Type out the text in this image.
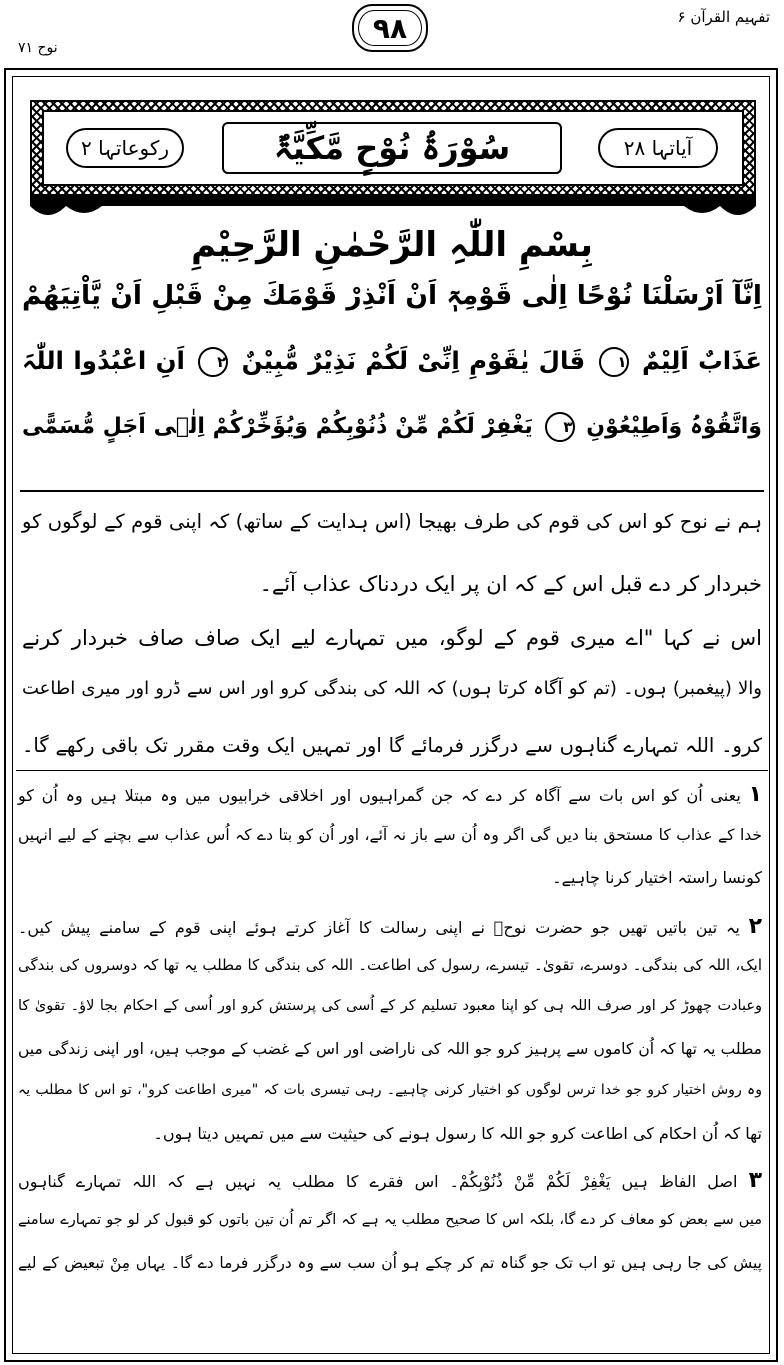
۹۸	تفہیم القرآن ۶
نوح ۷۱
آیاتہا ۲۸
سُوْرَۃُ نُوْحٍ مَّکِّیَّۃٌ
رکوعاتہا ۲
بِسْمِ اللّٰہِ الرَّحْمٰنِ الرَّحِیْمِ
اِنَّآ اَرْسَلْنَا نُوْحًا اِلٰی قَوْمِہٖٓ اَنْ اَنْذِرْ قَوْمَكَ مِنْ قَبْلِ اَنْ یَّاْتِیَهُمْ
عَذَابٌ اَلِیْمٌ ۱ قَالَ یٰقَوْمِ اِنِّیْ لَكُمْ نَذِیْرٌ مُّبِیْنٌ ۲ اَنِ اعْبُدُوا اللّٰہَ
وَاتَّقُوْہُ وَاَطِیْعُوْنِ ۳ یَغْفِرْ لَكُمْ مِّنْ ذُنُوْبِكُمْ وَیُؤَخِّرْكُمْ اِلٰۤی اَجَلٍ مُّسَمًّی
ہم نے نوح کو اس کی قوم کی طرف بھیجا (اس ہدایت کے ساتھ) کہ اپنی قوم کے لوگوں کو
خبردار کر دے قبل اس کے کہ ان پر ایک دردناک عذاب آئے۔
اس نے کہا "اے میری قوم کے لوگو، میں تمہارے لیے ایک صاف صاف خبردار کرنے
والا (پیغمبر) ہوں۔ (تم کو آگاہ کرتا ہوں) کہ اللہ کی بندگی کرو اور اس سے ڈرو اور میری اطاعت
کرو۔ اللہ تمہارے گناہوں سے درگزر فرمائے گا اور تمہیں ایک وقت مقرر تک باقی رکھے گا۔
۱ یعنی اُن کو اس بات سے آگاہ کر دے کہ جن گمراہیوں اور اخلاقی خرابیوں میں وہ مبتلا ہیں وہ اُن کو
خدا کے عذاب کا مستحق بنا دیں گی اگر وہ اُن سے باز نہ آئے، اور اُن کو بتا دے کہ اُس عذاب سے بچنے کے لیے انہیں
کونسا راستہ اختیار کرنا چاہیے۔
۲ یہ تین باتیں تھیں جو حضرت نوحؑ نے اپنی رسالت کا آغاز کرتے ہوئے اپنی قوم کے سامنے پیش کیں۔
ایک، اللہ کی بندگی۔ دوسرے، تقویٰ۔ تیسرے، رسول کی اطاعت۔ اللہ کی بندگی کا مطلب یہ تھا کہ دوسروں کی بندگی
وعبادت چھوڑ کر اور صرف اللہ ہی کو اپنا معبود تسلیم کر کے اُسی کی پرستش کرو اور اُسی کے احکام بجا لاؤ۔ تقویٰ کا
مطلب یہ تھا کہ اُن کاموں سے پرہیز کرو جو اللہ کی ناراضی اور اس کے غضب کے موجب ہیں، اور اپنی زندگی میں
وہ روش اختیار کرو جو خدا ترس لوگوں کو اختیار کرنی چاہیے۔ رہی تیسری بات کہ "میری اطاعت کرو"، تو اس کا مطلب یہ
تھا کہ اُن احکام کی اطاعت کرو جو اللہ کا رسول ہونے کی حیثیت سے میں تمہیں دیتا ہوں۔
۳ اصل الفاظ ہیں یَغْفِرْ لَكُمْ مِّنْ ذُنُوْبِكُمْ۔ اس فقرے کا مطلب یہ نہیں ہے کہ اللہ تمہارے گناہوں
میں سے بعض کو معاف کر دے گا، بلکہ اس کا صحیح مطلب یہ ہے کہ اگر تم اُن تین باتوں کو قبول کر لو جو تمہارے سامنے
پیش کی جا رہی ہیں تو اب تک جو گناہ تم کر چکے ہو اُن سب سے وہ درگزر فرما دے گا۔ یہاں مِنْ تبعیض کے لیے
